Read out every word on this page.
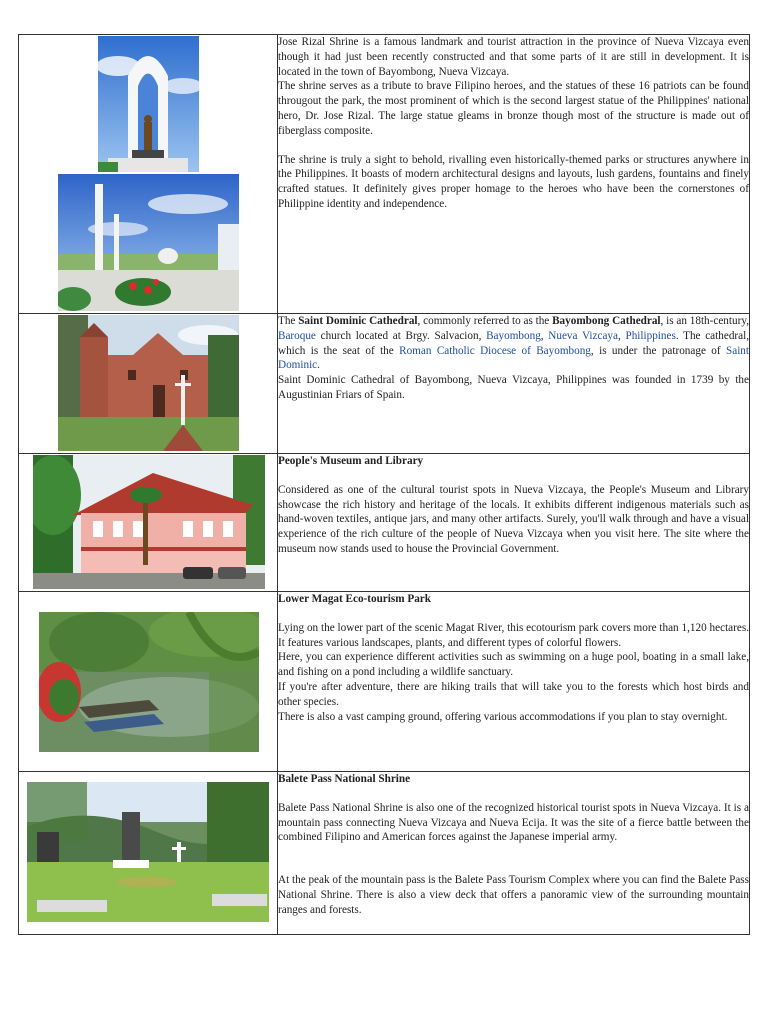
Jose Rizal Shrine is a famous landmark and tourist attraction in the province of Nueva Vizcaya even though it had just been recently constructed and that some parts of it are still in development. It is located in the town of Bayombong, Nueva Vizcaya.

The shrine serves as a tribute to brave Filipino heroes, and the statues of these 16 patriots can be found througout the park, the most prominent of which is the second largest statue of the Philippines' national hero, Dr. Jose Rizal. The large statue gleams in bronze though most of the structure is made out of fiberglass composite.

The shrine is truly a sight to behold, rivalling even historically-themed parks or structures anywhere in the Philippines. It boasts of modern architectural designs and layouts, lush gardens, fountains and finely crafted statues. It definitely gives proper homage to the heroes who have been the cornerstones of Philippine identity and independence.

The Saint Dominic Cathedral, commonly referred to as the Bayombong Cathedral, is an 18th-century, Baroque church located at Brgy. Salvacion, Bayombong, Nueva Vizcaya, Philippines. The cathedral, which is the seat of the Roman Catholic Diocese of Bayombong, is under the patronage of Saint Dominic.

Saint Dominic Cathedral of Bayombong, Nueva Vizcaya, Philippines was founded in 1739 by the Augustinian Friars of Spain.

People's Museum and Library

Considered as one of the cultural tourist spots in Nueva Vizcaya, the People's Museum and Library showcase the rich history and heritage of the locals. It exhibits different indigenous materials such as hand-woven textiles, antique jars, and many other artifacts. Surely, you'll walk through and have a visual experience of the rich culture of the people of Nueva Vizcaya when you visit here. The site where the museum now stands used to house the Provincial Government.

Lower Magat Eco-tourism Park

Lying on the lower part of the scenic Magat River, this ecotourism park covers more than 1,120 hectares. It features various landscapes, plants, and different types of colorful flowers.

Here, you can experience different activities such as swimming on a huge pool, boating in a small lake, and fishing on a pond including a wildlife sanctuary.

If you're after adventure, there are hiking trails that will take you to the forests which host birds and other species.

There is also a vast camping ground, offering various accommodations if you plan to stay overnight.

Balete Pass National Shrine

Balete Pass National Shrine is also one of the recognized historical tourist spots in Nueva Vizcaya. It is a mountain pass connecting Nueva Vizcaya and Nueva Ecija. It was the site of a fierce battle between the combined Filipino and American forces against the Japanese imperial army.

At the peak of the mountain pass is the Balete Pass Tourism Complex where you can find the Balete Pass National Shrine. There is also a view deck that offers a panoramic view of the surrounding mountain ranges and forests.
